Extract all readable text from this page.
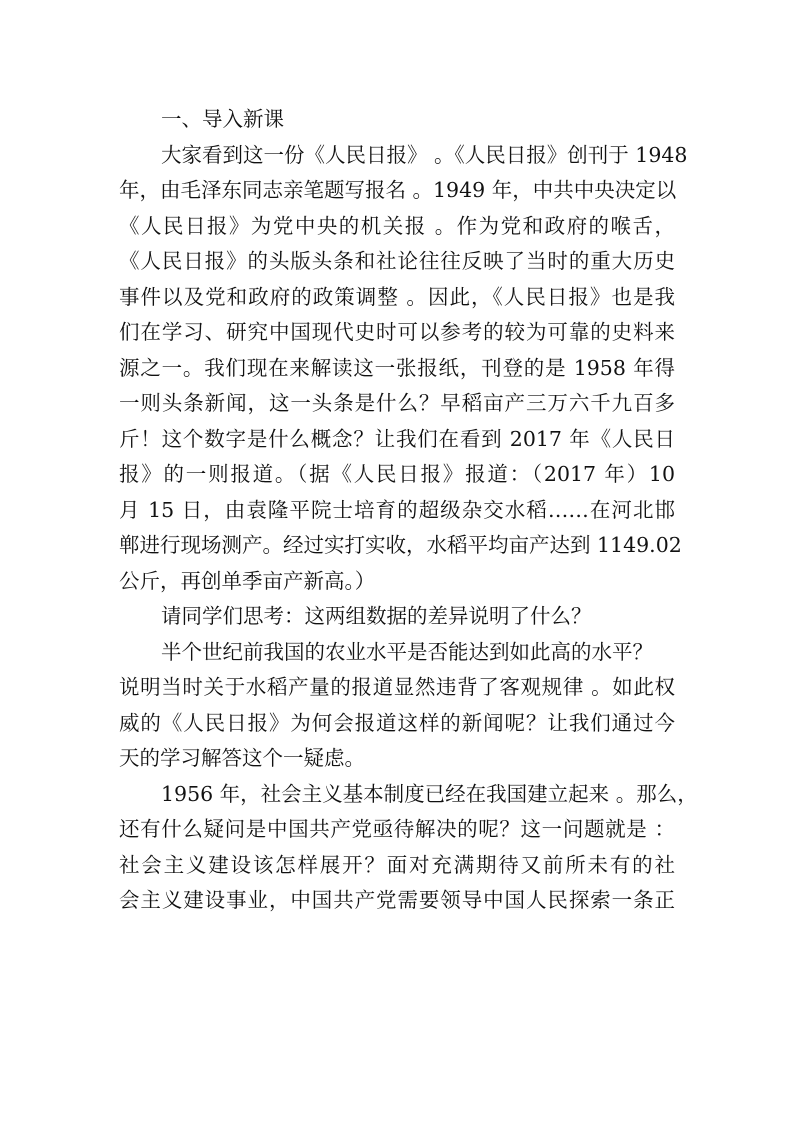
一、导入新课
大家看到这一份《人民日报》 。《人民日报》创刊于 1948
年，由毛泽东同志亲笔题写报名 。1949 年，中共中央决定以
《人民日报》为党中央的机关报 。作为党和政府的喉舌，
《人民日报》的头版头条和社论往往反映了当时的重大历史
事件以及党和政府的政策调整 。因此，《人民日报》也是我
们在学习、研究中国现代史时可以参考的较为可靠的史料来
源之一。我们现在来解读这一张报纸，刊登的是 1958 年得
一则头条新闻，这一头条是什么？早稻亩产三万六千九百多
斤！这个数字是什么概念？让我们在看到 2017 年《人民日
报》的一则报道。（据《人民日报》报道：（2017 年）10
月 15 日，由袁隆平院士培育的超级杂交水稻……在河北邯
郸进行现场测产。经过实打实收，水稻平均亩产达到 1149.02
公斤，再创单季亩产新高。）
请同学们思考：这两组数据的差异说明了什么？
半个世纪前我国的农业水平是否能达到如此高的水平？
说明当时关于水稻产量的报道显然违背了客观规律 。如此权
威的《人民日报》为何会报道这样的新闻呢？让我们通过今
天的学习解答这个一疑虑。
1956 年，社会主义基本制度已经在我国建立起来 。那么，
还有什么疑问是中国共产党亟待解决的呢？这一问题就是 ：
社会主义建设该怎样展开？面对充满期待又前所未有的社
会主义建设事业，中国共产党需要领导中国人民探索一条正
